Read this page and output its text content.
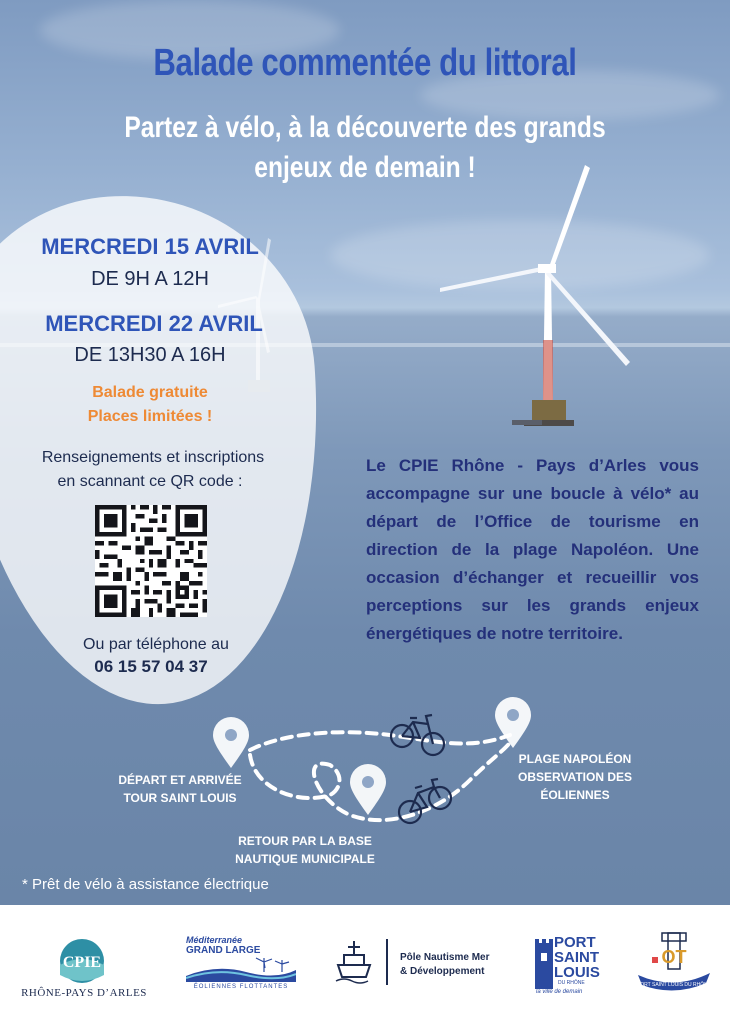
Balade commentée du littoral
Partez à vélo, à la découverte des grands
enjeux de demain !
MERCREDI 15 AVRIL
DE 9H A 12H
MERCREDI 22 AVRIL
DE 13H30 A 16H
Balade gratuite
Places limitées !
Renseignements et inscriptions
en scannant ce QR code :
Ou par téléphone au
06 15 57 04 37
Le CPIE Rhône - Pays d’Arles vous accompagne sur une boucle à vélo* au départ de l’Office de tourisme en direction de la plage Napoléon. Une occasion d’échanger et recueillir vos perceptions sur les grands enjeux énergétiques de notre territoire.
DÉPART ET ARRIVÉE
TOUR SAINT LOUIS
PLAGE NAPOLÉON
OBSERVATION DES
ÉOLIENNES
RETOUR PAR LA BASE
NAUTIQUE MUNICIPALE
* Prêt de vélo à assistance électrique
CPIE
RHÔNE-PAYS D’ARLES
Méditerranée
GRAND LARGE
ÉOLIENNES FLOTTANTES
Pôle Nautisme Mer
& Développement
PORT
SAINT
LOUIS
DU RHÔNE
la ville de demain
OT
PORT SAINT LOUIS DU RHÔNE
